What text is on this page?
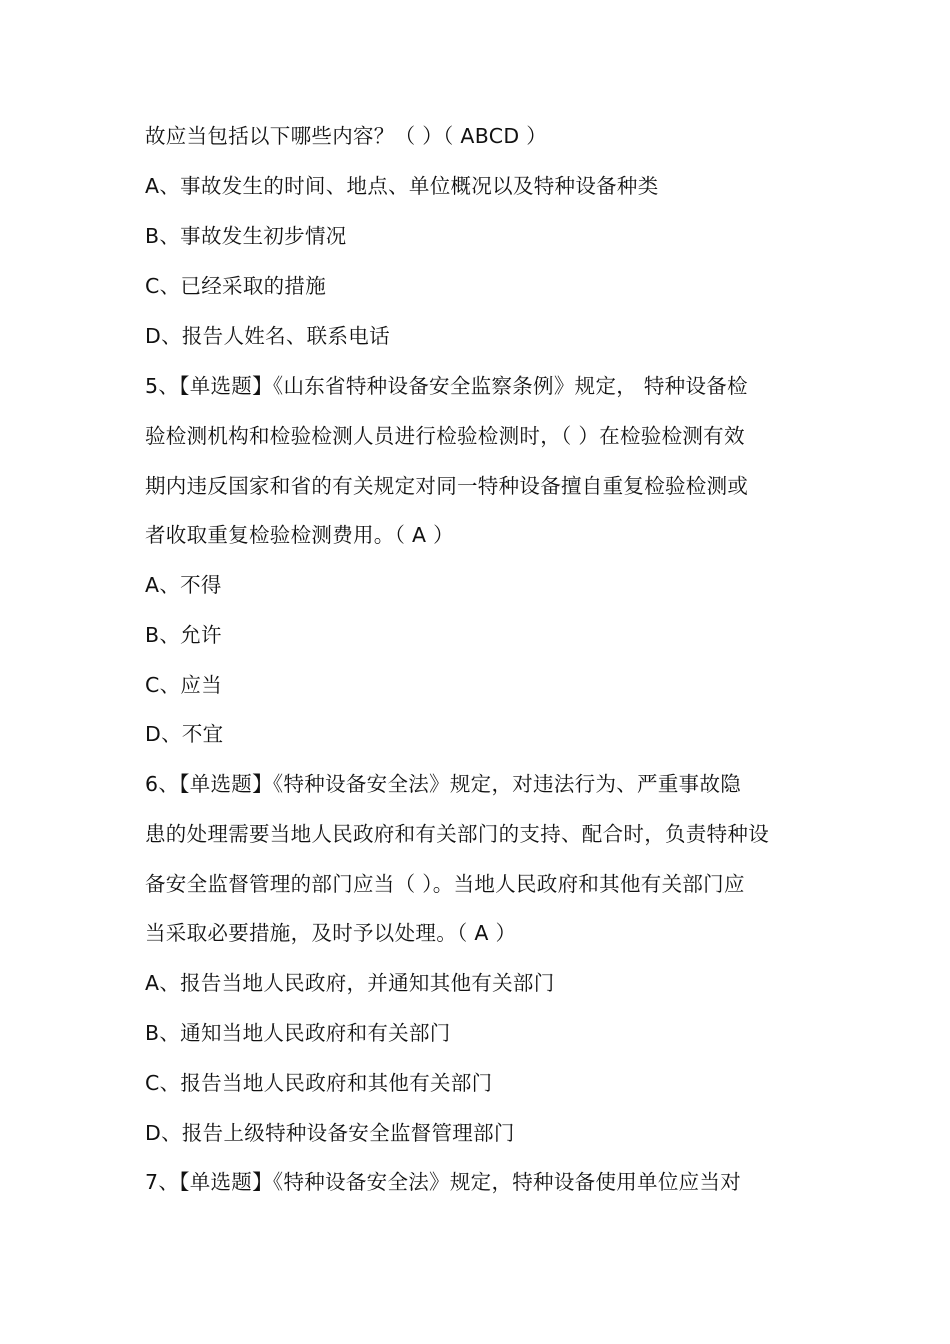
故应当包括以下哪些内容？（ ）（ ABCD ）
A、事故发生的时间、地点、单位概况以及特种设备种类
B、事故发生初步情况
C、已经采取的措施
D、报告人姓名、联系电话
5、【单选题】《山东省特种设备安全监察条例》规定， 特种设备检
验检测机构和检验检测人员进行检验检测时，（ ）在检验检测有效
期内违反国家和省的有关规定对同一特种设备擅自重复检验检测或
者收取重复检验检测费用。（ A ）
A、不得
B、允许
C、应当
D、不宜
6、【单选题】《特种设备安全法》规定，对违法行为、严重事故隐
患的处理需要当地人民政府和有关部门的支持、配合时，负责特种设
备安全监督管理的部门应当（ ）。当地人民政府和其他有关部门应
当采取必要措施，及时予以处理。（ A ）
A、报告当地人民政府，并通知其他有关部门
B、通知当地人民政府和有关部门
C、报告当地人民政府和其他有关部门
D、报告上级特种设备安全监督管理部门
7、【单选题】《特种设备安全法》规定，特种设备使用单位应当对
